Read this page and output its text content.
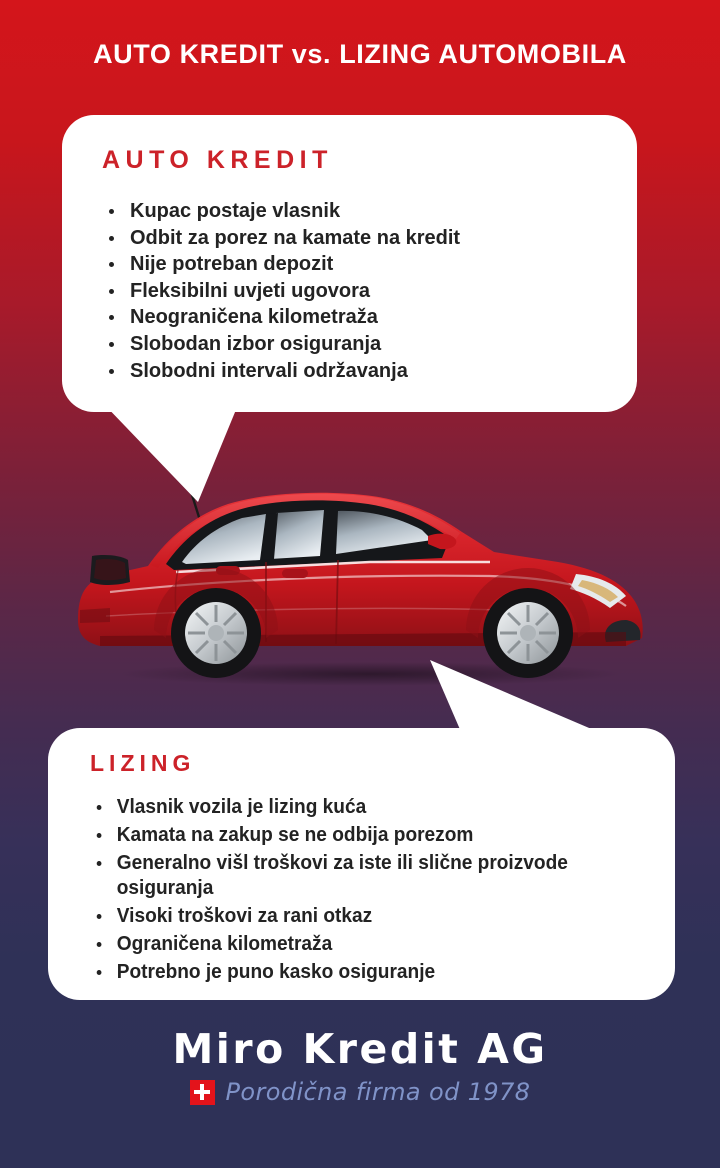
AUTO KREDIT vs. LIZING AUTOMOBILA
AUTO KREDIT
Kupac postaje vlasnik
Odbit za porez na kamate na kredit
Nije potreban depozit
Fleksibilni uvjeti ugovora
Neograničena kilometraža
Slobodan izbor osiguranja
Slobodni intervali održavanja
LIZING
Vlasnik vozila je lizing kuća
Kamata na zakup se ne odbija porezom
Generalno višl troškovi za iste ili slične proizvode osiguranja
Visoki troškovi za rani otkaz
Ograničena kilometraža
Potrebno je puno kasko osiguranje
Miro Kredit AG
Porodična firma od 1978
